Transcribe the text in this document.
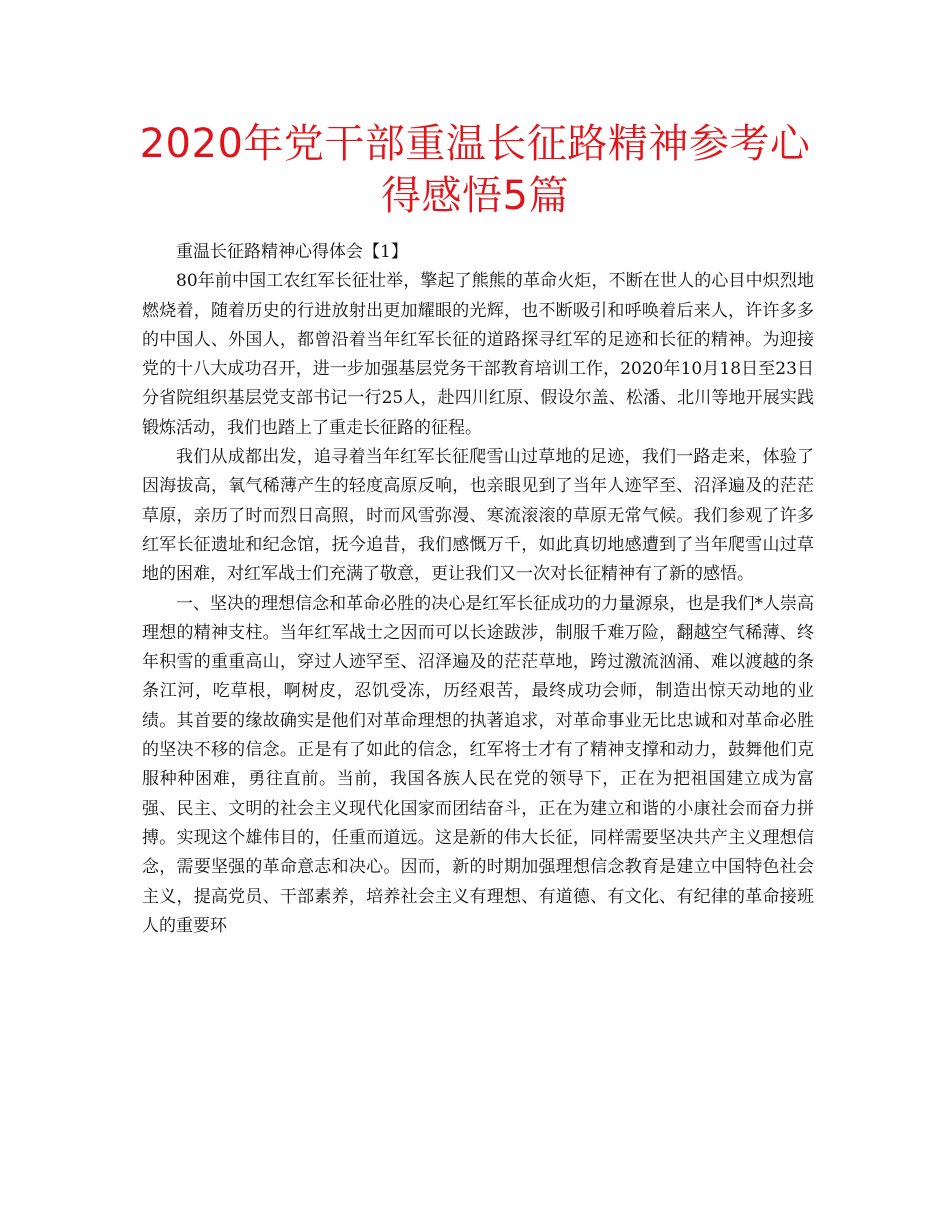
2020年党干部重温长征路精神参考心得感悟5篇

重温长征路精神心得体会【1】

80年前中国工农红军长征壮举，擎起了熊熊的革命火炬，不断在世人的心目中炽烈地燃烧着，随着历史的行进放射出更加耀眼的光辉，也不断吸引和呼唤着后来人，许许多多的中国人、外国人，都曾沿着当年红军长征的道路探寻红军的足迹和长征的精神。为迎接党的十八大成功召开，进一步加强基层党务干部教育培训工作，2020年10月18日至23日分省院组织基层党支部书记一行25人，赴四川红原、假设尔盖、松潘、北川等地开展实践锻炼活动，我们也踏上了重走长征路的征程。

我们从成都出发，追寻着当年红军长征爬雪山过草地的足迹，我们一路走来，体验了因海拔高，氧气稀薄产生的轻度高原反响，也亲眼见到了当年人迹罕至、沼泽遍及的茫茫草原，亲历了时而烈日高照，时而风雪弥漫、寒流滚滚的草原无常气候。我们参观了许多红军长征遗址和纪念馆，抚今追昔，我们感慨万千，如此真切地感遭到了当年爬雪山过草地的困难，对红军战士们充满了敬意，更让我们又一次对长征精神有了新的感悟。

一、坚决的理想信念和革命必胜的决心是红军长征成功的力量源泉，也是我们*人崇高理想的精神支柱。当年红军战士之因而可以长途跋涉，制服千难万险，翻越空气稀薄、终年积雪的重重高山，穿过人迹罕至、沼泽遍及的茫茫草地，跨过激流汹涌、难以渡越的条条江河，吃草根，啊树皮，忍饥受冻，历经艰苦，最终成功会师，制造出惊天动地的业绩。其首要的缘故确实是他们对革命理想的执著追求，对革命事业无比忠诚和对革命必胜的坚决不移的信念。正是有了如此的信念，红军将士才有了精神支撑和动力，鼓舞他们克服种种困难，勇往直前。当前，我国各族人民在党的领导下，正在为把祖国建立成为富强、民主、文明的社会主义现代化国家而团结奋斗，正在为建立和谐的小康社会而奋力拼搏。实现这个雄伟目的，任重而道远。这是新的伟大长征，同样需要坚决共产主义理想信念，需要坚强的革命意志和决心。因而，新的时期加强理想信念教育是建立中国特色社会主义，提高党员、干部素养，培养社会主义有理想、有道德、有文化、有纪律的革命接班人的重要环
